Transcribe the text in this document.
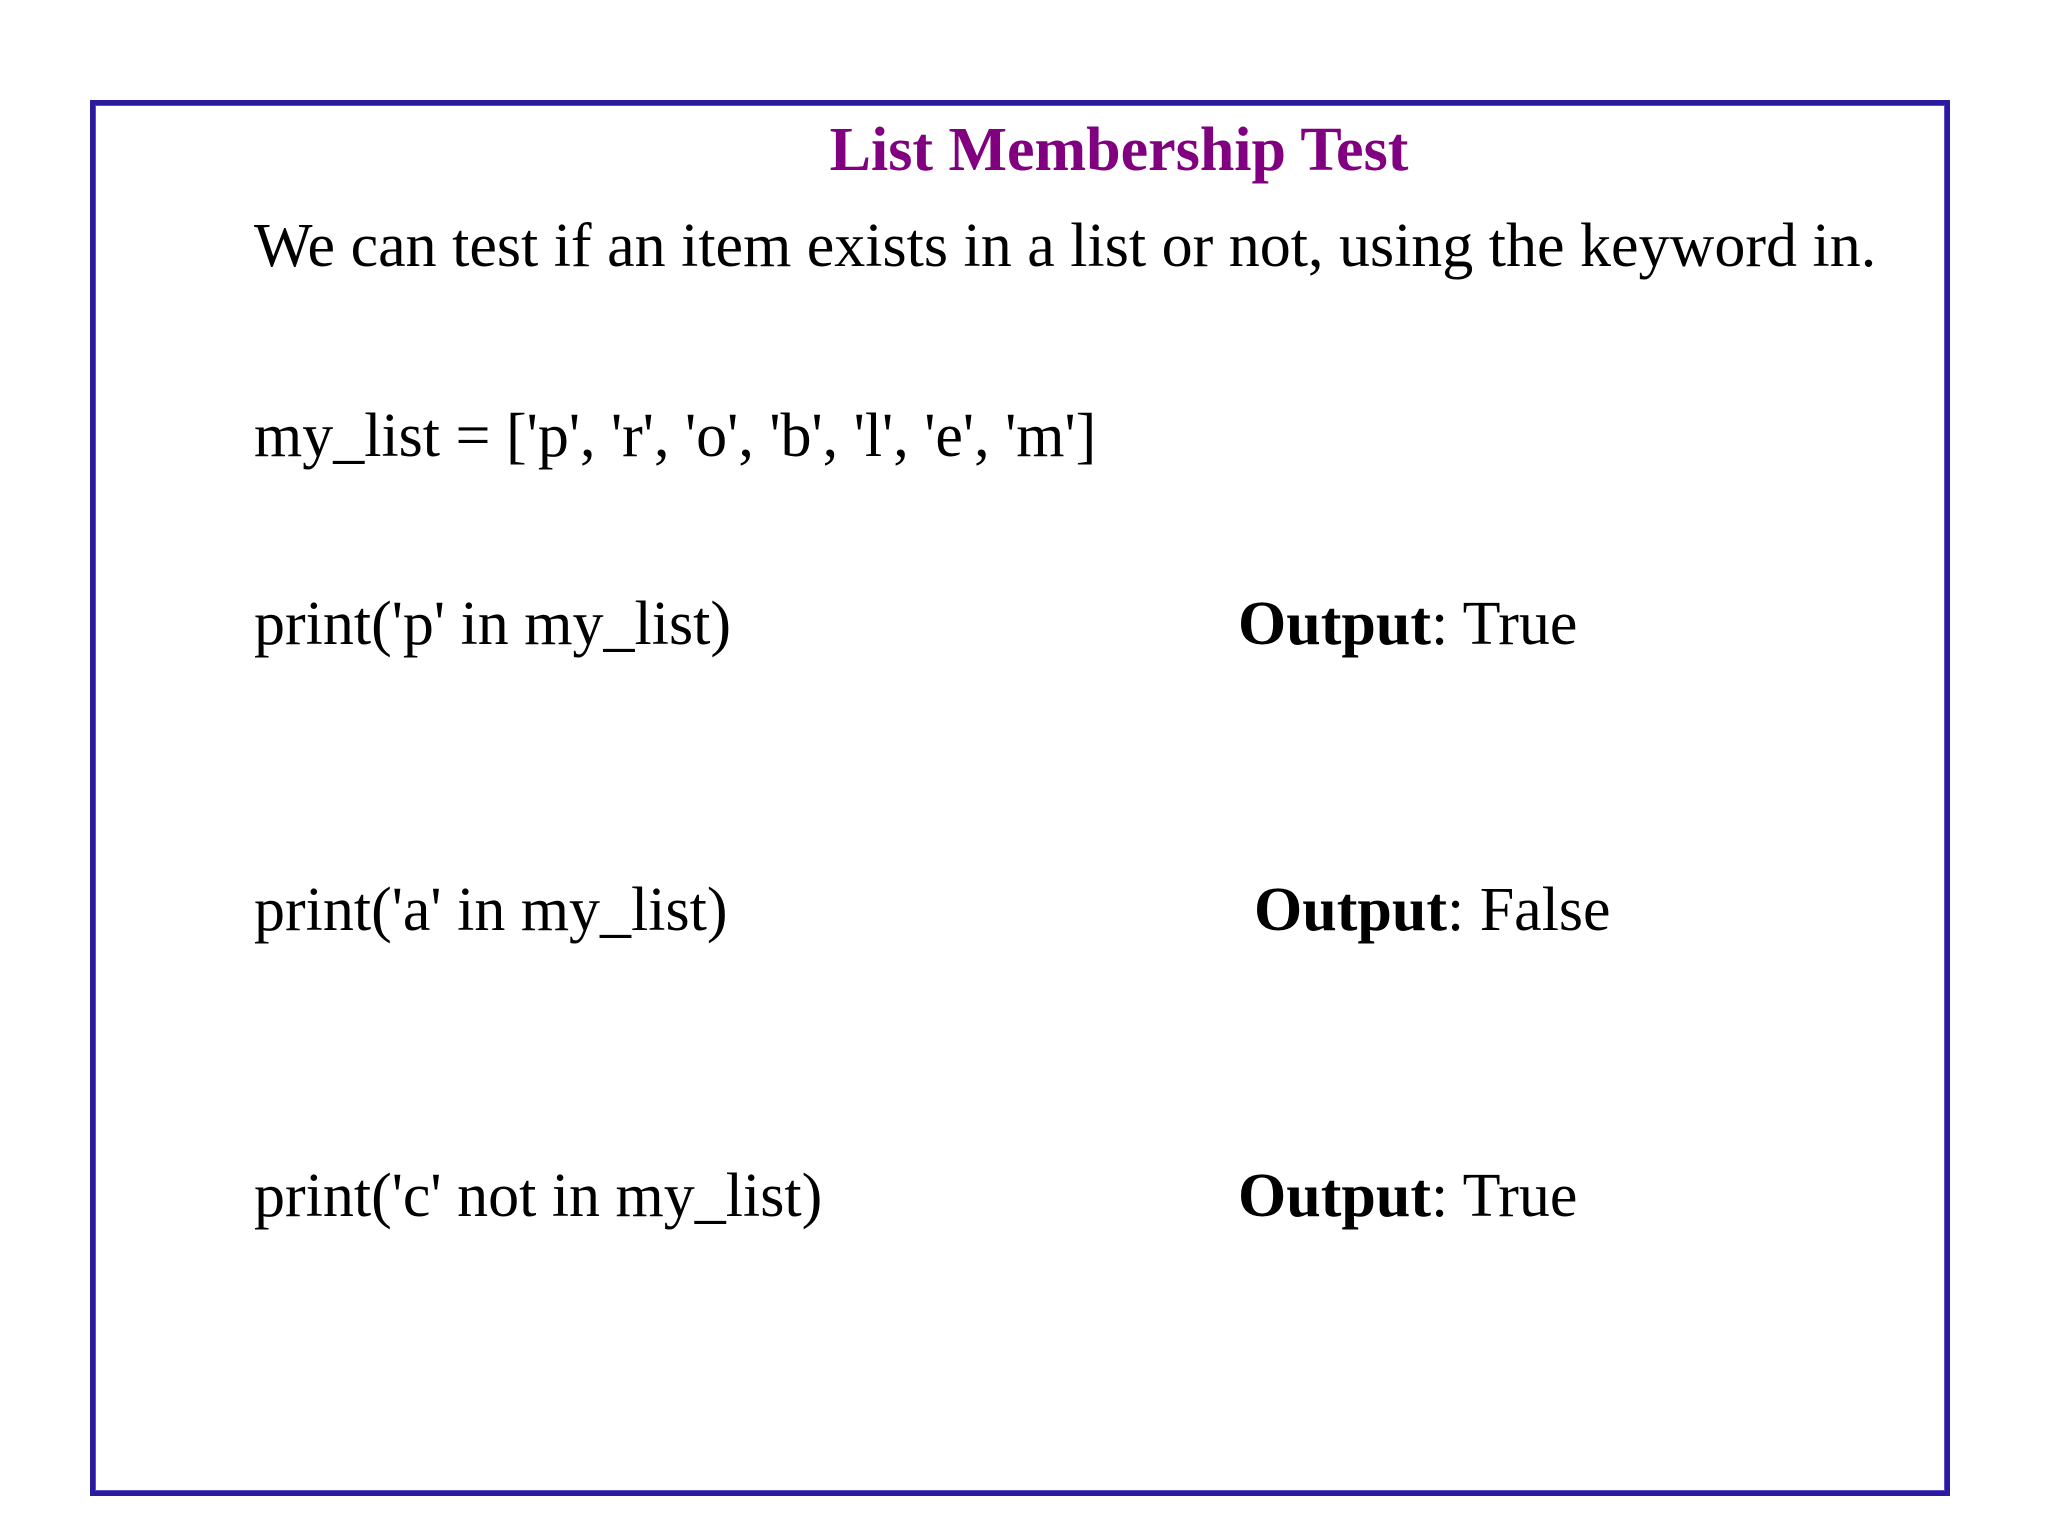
List Membership Test

We can test if an item exists in a list or not, using the keyword in.

my_list = ['p', 'r', 'o', 'b', 'l', 'e', 'm']

print('p' in my_list)	Output: True

print('a' in my_list)	Output: False

print('c' not in my_list)	Output: True
